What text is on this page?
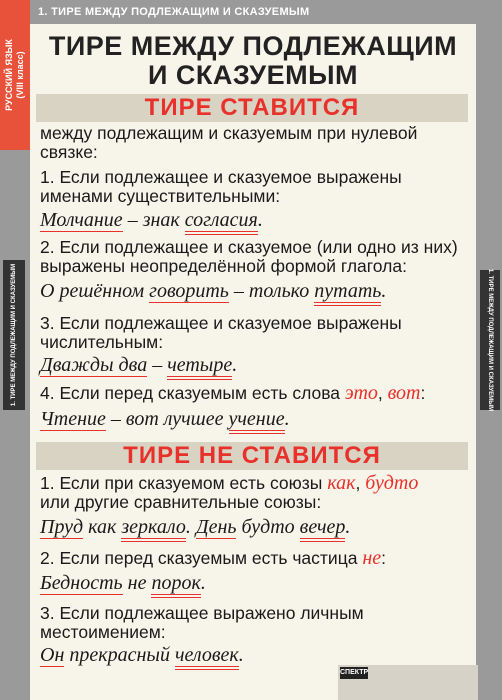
1. ТИРЕ МЕЖДУ ПОДЛЕЖАЩИМ И СКАЗУЕМЫМ
РУССКИЙ ЯЗЫК
(VIII класс)
1. ТИРЕ МЕЖДУ ПОДЛЕЖАЩИМ И СКАЗУЕМЫМ	1. ТИРЕ МЕЖДУ ПОДЛЕЖАЩИМ И СКАЗУЕМЫМ
ТИРЕ МЕЖДУ ПОДЛЕЖАЩИМ
И СКАЗУЕМЫМ
ТИРЕ СТАВИТСЯ
между подлежащим и сказуемым при нулевой связке:
1. Если подлежащее и сказуемое выражены именами существительными:
Молчание – знак согласия.
2. Если подлежащее и сказуемое (или одно из них) выражены неопределённой формой глагола:
О решённом говорить – только путать.
3. Если подлежащее и сказуемое выражены числительным:
Дважды два – четыре.
4. Если перед сказуемым есть слова это, вот:
Чтение – вот лучшее учение.
ТИРЕ НЕ СТАВИТСЯ
1. Если при сказуемом есть союзы как, будто
или другие сравнительные союзы:
Пруд как зеркало. День будто вечер.
2. Если перед сказуемым есть частица не:
Бедность не порок.
3. Если подлежащее выражено личным местоимением:
Он прекрасный человек.
СПЕКТР
